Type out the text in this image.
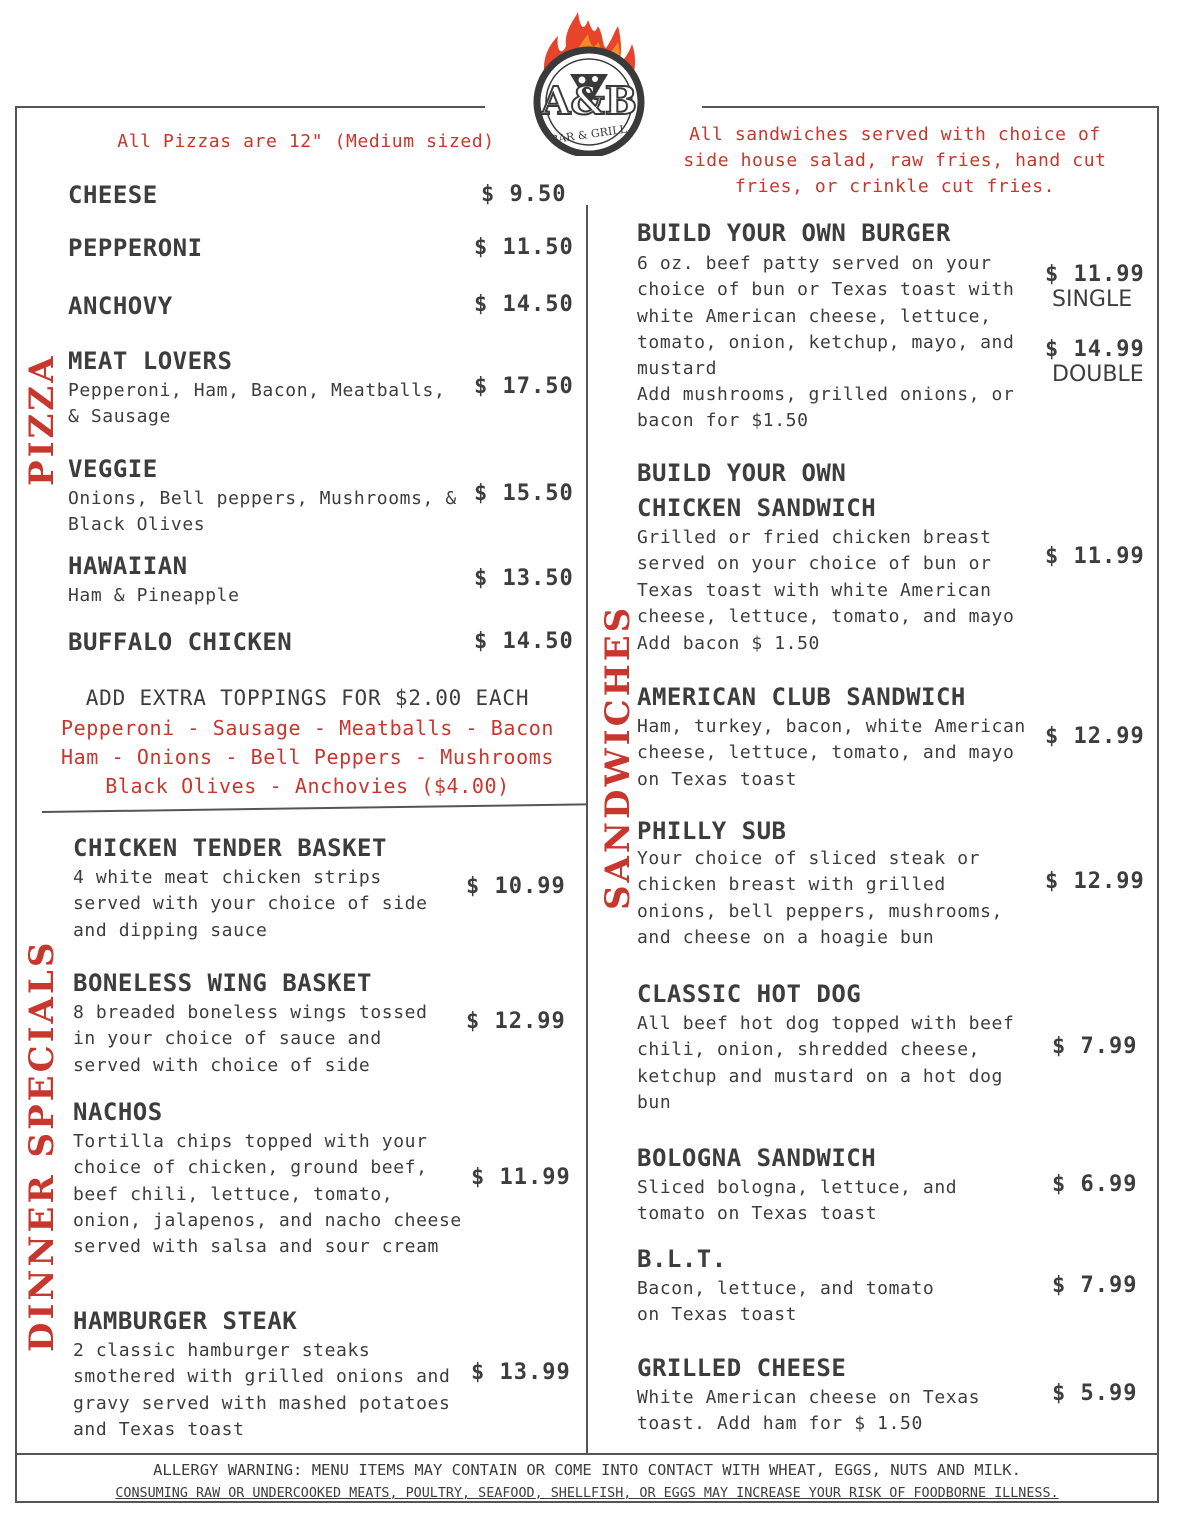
A&B
BAR & GRILL
All Pizzas are 12" (Medium sized)	All sandwiches served with choice of side house salad, raw fries, hand cut fries, or crinkle cut fries.
PIZZA
DINNER SPECIALS
SANDWICHES
CHEESE	$ 9.50
PEPPERONI	$ 11.50
ANCHOVY	$ 14.50
MEAT LOVERS
Pepperoni, Ham, Bacon, Meatballs, & Sausage
$ 17.50
VEGGIE
Onions, Bell peppers, Mushrooms, & Black Olives
$ 15.50
HAWAIIAN
Ham & Pineapple
$ 13.50
BUFFALO CHICKEN	$ 14.50
ADD EXTRA TOPPINGS FOR $2.00 EACH
Pepperoni - Sausage - Meatballs - Bacon
Ham - Onions - Bell Peppers - Mushrooms
Black Olives - Anchovies ($4.00)
CHICKEN TENDER BASKET
4 white meat chicken strips served with your choice of side and dipping sauce
$ 10.99
BONELESS WING BASKET
8 breaded boneless wings tossed in your choice of sauce and served with choice of side
$ 12.99
NACHOS
Tortilla chips topped with your choice of chicken, ground beef, beef chili, lettuce, tomato, onion, jalapenos, and nacho cheese served with salsa and sour cream
$ 11.99
HAMBURGER STEAK
2 classic hamburger steaks smothered with grilled onions and gravy served with mashed potatoes and Texas toast
$ 13.99
BUILD YOUR OWN BURGER
6 oz. beef patty served on your choice of bun or Texas toast with white American cheese, lettuce, tomato, onion, ketchup, mayo, and mustard
Add mushrooms, grilled onions, or bacon for $1.50
$ 11.99
SINGLE
$ 14.99
DOUBLE
BUILD YOUR OWN
CHICKEN SANDWICH
Grilled or fried chicken breast served on your choice of bun or Texas toast with white American cheese, lettuce, tomato, and mayo
Add bacon $ 1.50
$ 11.99
AMERICAN CLUB SANDWICH
Ham, turkey, bacon, white American cheese, lettuce, tomato, and mayo on Texas toast
$ 12.99
PHILLY SUB
Your choice of sliced steak or chicken breast with grilled onions, bell peppers, mushrooms, and cheese on a hoagie bun
$ 12.99
CLASSIC HOT DOG
All beef hot dog topped with beef chili, onion, shredded cheese, ketchup and mustard on a hot dog bun
$ 7.99
BOLOGNA SANDWICH
Sliced bologna, lettuce, and tomato on Texas toast
$ 6.99
B.L.T.
Bacon, lettuce, and tomato on Texas toast
$ 7.99
GRILLED CHEESE
White American cheese on Texas toast. Add ham for $ 1.50
$ 5.99
ALLERGY WARNING: MENU ITEMS MAY CONTAIN OR COME INTO CONTACT WITH WHEAT, EGGS, NUTS AND MILK.
CONSUMING RAW OR UNDERCOOKED MEATS, POULTRY, SEAFOOD, SHELLFISH, OR EGGS MAY INCREASE YOUR RISK OF FOODBORNE ILLNESS.
